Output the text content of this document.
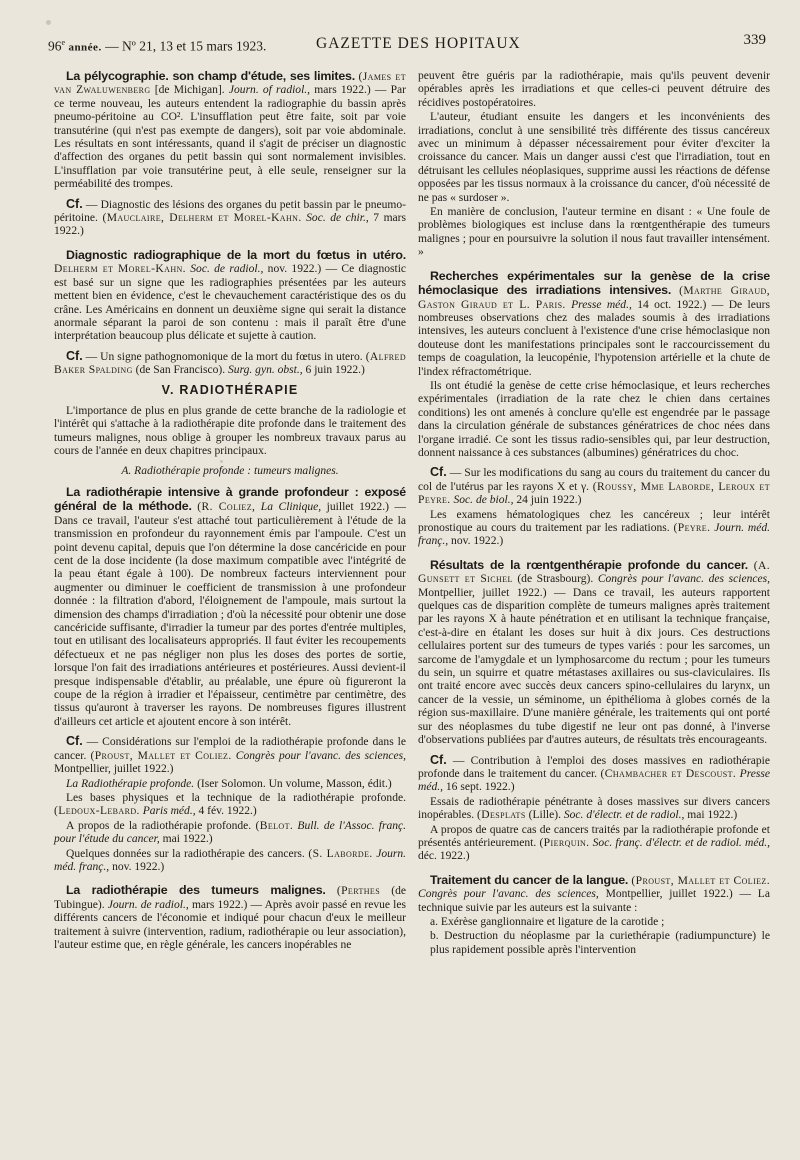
96e année. — Nº 21, 13 et 15 mars 1923.	GAZETTE DES HOPITAUX	339

La pélycographie. son champ d'étude, ses limites. (James et van Zwaluwenberg [de Michigan]. Journ. of radiol., mars 1922.) — Par ce terme nouveau, les auteurs entendent la radiographie du bassin après pneumo-péritoine au CO². L'insufflation peut être faite, soit par voie transutérine (qui n'est pas exempte de dangers), soit par voie abdominale. Les résultats en sont intéressants, quand il s'agit de préciser un diagnostic d'affection des organes du petit bassin qui sont normalement invisibles. L'insufflation par voie transutérine peut, à elle seule, renseigner sur la perméabilité des trompes.

Cf. — Diagnostic des lésions des organes du petit bassin par le pneumo-péritoine. (Mauclaire, Delherm et Morel-Kahn. Soc. de chir., 7 mars 1922.)

Diagnostic radiographique de la mort du fœtus in utéro. Delherm et Morel-Kahn. Soc. de radiol., nov. 1922.) — Ce diagnostic est basé sur un signe que les radiographies présentées par les auteurs mettent bien en évidence, c'est le chevauchement caractéristique des os du crâne. Les Américains en donnent un deuxième signe qui serait la distance anormale séparant la paroi de son contenu : mais il paraît être d'une interprétation beaucoup plus délicate et sujette à caution.

Cf. — Un signe pathognomonique de la mort du fœtus in utero. (Alfred Baker Spalding (de San Francisco). Surg. gyn. obst., 6 juin 1922.)

V. RADIOTHÉRAPIE

L'importance de plus en plus grande de cette branche de la radiologie et l'intérêt qui s'attache à la radiothérapie dite profonde dans le traitement des tumeurs malignes, nous oblige à grouper les nombreux travaux parus au cours de l'année en deux chapitres principaux.

A. Radiothérapie profonde : tumeurs malignes.

La radiothérapie intensive à grande profondeur : exposé général de la méthode. (R. Coliez, La Clinique, juillet 1922.) — Dans ce travail, l'auteur s'est attaché tout particulièrement à l'étude de la transmission en profondeur du rayonnement émis par l'ampoule. C'est un point devenu capital, depuis que l'on détermine la dose cancéricide en pour cent de la dose incidente (la dose maximum compatible avec l'intégrité de la peau étant égale à 100). De nombreux facteurs interviennent pour augmenter ou diminuer le coefficient de transmission à une profondeur donnée : la filtration d'abord, l'éloignement de l'ampoule, mais surtout la dimension des champs d'irradiation ; d'où la nécessité pour obtenir une dose cancéricide suffisante, d'irradier la tumeur par des portes d'entrée multiples, tout en utilisant des localisateurs appropriés. Il faut éviter les recoupements défectueux et ne pas négliger non plus les doses des portes de sortie, lorsque l'on fait des irradiations antérieures et postérieures. Aussi devient-il presque indispensable d'établir, au préalable, une épure où figureront la coupe de la région à irradier et l'épaisseur, centimètre par centimètre, des tissus qu'auront à traverser les rayons. De nombreuses figures illustrent d'ailleurs cet article et ajoutent encore à son intérêt.

Cf. — Considérations sur l'emploi de la radiothérapie profonde dans le cancer. (Proust, Mallet et Coliez. Congrès pour l'avanc. des sciences, Montpellier, juillet 1922.)

La Radiothérapie profonde. (Iser Solomon. Un volume, Masson, édit.)

Les bases physiques et la technique de la radiothérapie profonde. (Ledoux-Lebard. Paris méd., 4 fév. 1922.)

A propos de la radiothérapie profonde. (Belot. Bull. de l'Assoc. franç. pour l'étude du cancer, mai 1922.)

Quelques données sur la radiothérapie des cancers. (S. Laborde. Journ. méd. franç., nov. 1922.)

La radiothérapie des tumeurs malignes. (Perthes (de Tubingue). Journ. de radiol., mars 1922.) — Après avoir passé en revue les différents cancers de l'économie et indiqué pour chacun d'eux le meilleur traitement à suivre (intervention, radium, radiothérapie ou leur association), l'auteur estime que, en règle générale, les cancers inopérables ne

peuvent être guéris par la radiothérapie, mais qu'ils peuvent devenir opérables après les irradiations et que celles-ci peuvent détruire des récidives postopératoires.

L'auteur, étudiant ensuite les dangers et les inconvénients des irradiations, conclut à une sensibilité très différente des tissus cancéreux avec un minimum à dépasser nécessairement pour éviter d'exciter la croissance du cancer. Mais un danger aussi c'est que l'irradiation, tout en détruisant les cellules néoplasiques, supprime aussi les réactions de défense opposées par les tissus normaux à la croissance du cancer, d'où nécessité de ne pas « surdoser ».

En manière de conclusion, l'auteur termine en disant : « Une foule de problèmes biologiques est incluse dans la rœntgenthérapie des tumeurs malignes ; pour en poursuivre la solution il nous faut travailler intensément. »

Recherches expérimentales sur la genèse de la crise hémoclasique des irradiations intensives. (Marthe Giraud, Gaston Giraud et L. Paris. Presse méd., 14 oct. 1922.) — De leurs nombreuses observations chez des malades soumis à des irradiations intensives, les auteurs concluent à l'existence d'une crise hémoclasique non douteuse dont les manifestations principales sont le raccourcissement du temps de coagulation, la leucopénie, l'hypotension artérielle et la chute de l'index réfractométrique.

Ils ont étudié la genèse de cette crise hémoclasique, et leurs recherches expérimentales (irradiation de la rate chez le chien dans certaines conditions) les ont amenés à conclure qu'elle est engendrée par le passage dans la circulation générale de substances génératrices de choc nées dans l'organe irradié. Ce sont les tissus radio-sensibles qui, par leur destruction, donnent naissance à ces substances (albumines) génératrices du choc.

Cf. — Sur les modifications du sang au cours du traitement du cancer du col de l'utérus par les rayons X et γ. (Roussy, Mme Laborde, Leroux et Peyre. Soc. de biol., 24 juin 1922.)

Les examens hématologiques chez les cancéreux ; leur intérêt pronostique au cours du traitement par les radiations. (Peyre. Journ. méd. franç., nov. 1922.)

Résultats de la rœntgenthérapie profonde du cancer. (A. Gunsett et Sichel (de Strasbourg). Congrès pour l'avanc. des sciences, Montpellier, juillet 1922.) — Dans ce travail, les auteurs rapportent quelques cas de disparition complète de tumeurs malignes après traitement par les rayons X à haute pénétration et en utilisant la technique française, c'est-à-dire en étalant les doses sur huit à dix jours. Ces destructions cellulaires portent sur des tumeurs de types variés : pour les sarcomes, un sarcome de l'amygdale et un lymphosarcome du rectum ; pour les tumeurs du sein, un squirre et quatre métastases axillaires ou sus-claviculaires. Ils ont traité encore avec succès deux cancers spino-cellulaires du larynx, un cancer de la vessie, un séminome, un épithélioma à globes cornés de la région sus-maxillaire. D'une manière générale, les traitements qui ont porté sur des néoplasmes du tube digestif ne leur ont pas donné, à l'inverse d'observations publiées par d'autres auteurs, de résultats très encourageants.

Cf. — Contribution à l'emploi des doses massives en radiothérapie profonde dans le traitement du cancer. (Chambacher et Descoust. Presse méd., 16 sept. 1922.)

Essais de radiothérapie pénétrante à doses massives sur divers cancers inopérables. (Desplats (Lille). Soc. d'électr. et de radiol., mai 1922.)

A propos de quatre cas de cancers traités par la radiothérapie profonde et présentés antérieurement. (Pierquin. Soc. franç. d'électr. et de radiol. méd., déc. 1922.)

Traitement du cancer de la langue. (Proust, Mallet et Coliez. Congrès pour l'avanc. des sciences, Montpellier, juillet 1922.) — La technique suivie par les auteurs est la suivante :

a. Exérèse ganglionnaire et ligature de la carotide ;

b. Destruction du néoplasme par la curiethérapie (radiumpuncture) le plus rapidement possible après l'intervention
